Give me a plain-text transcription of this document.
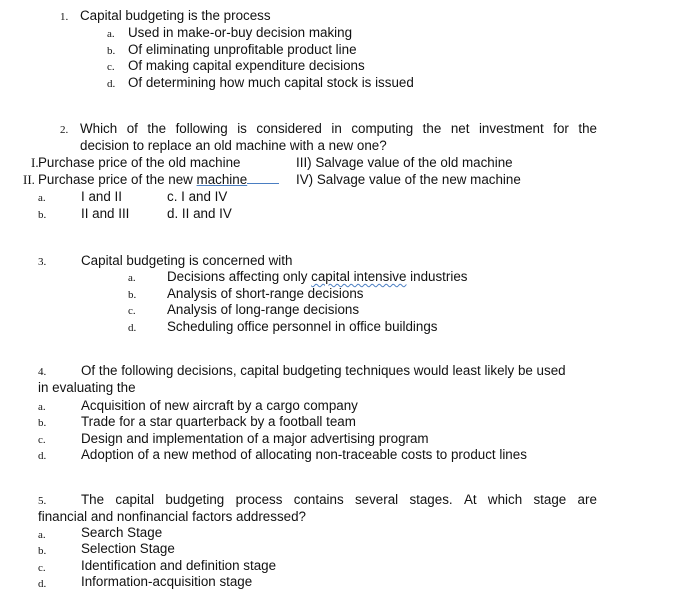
1. Capital budgeting is the process
a. Used in make-or-buy decision making
b. Of eliminating unprofitable product line
c. Of making capital expenditure decisions
d. Of determining how much capital stock is issued
2. Which of the following is considered in computing the net investment for the
decision to replace an old machine with a new one?
I. Purchase price of the old machine	III) Salvage value of the old machine
II. Purchase price of the new machine	IV) Salvage value of the new machine
a.	I and II	c. I and IV
b.	II and III	d. II and IV
3.	Capital budgeting is concerned with
a. Decisions affecting only capital intensive industries
b. Analysis of short-range decisions
c. Analysis of long-range decisions
d. Scheduling office personnel in office buildings
4.	Of the following decisions, capital budgeting techniques would least likely be used
in evaluating the
a.	Acquisition of new aircraft by a cargo company
b.	Trade for a star quarterback by a football team
c.	Design and implementation of a major advertising program
d.	Adoption of a new method of allocating non-traceable costs to product lines
5.	The capital budgeting process contains several stages. At which stage are
financial and nonfinancial factors addressed?
a.	Search Stage
b.	Selection Stage
c.	Identification and definition stage
d.	Information-acquisition stage
